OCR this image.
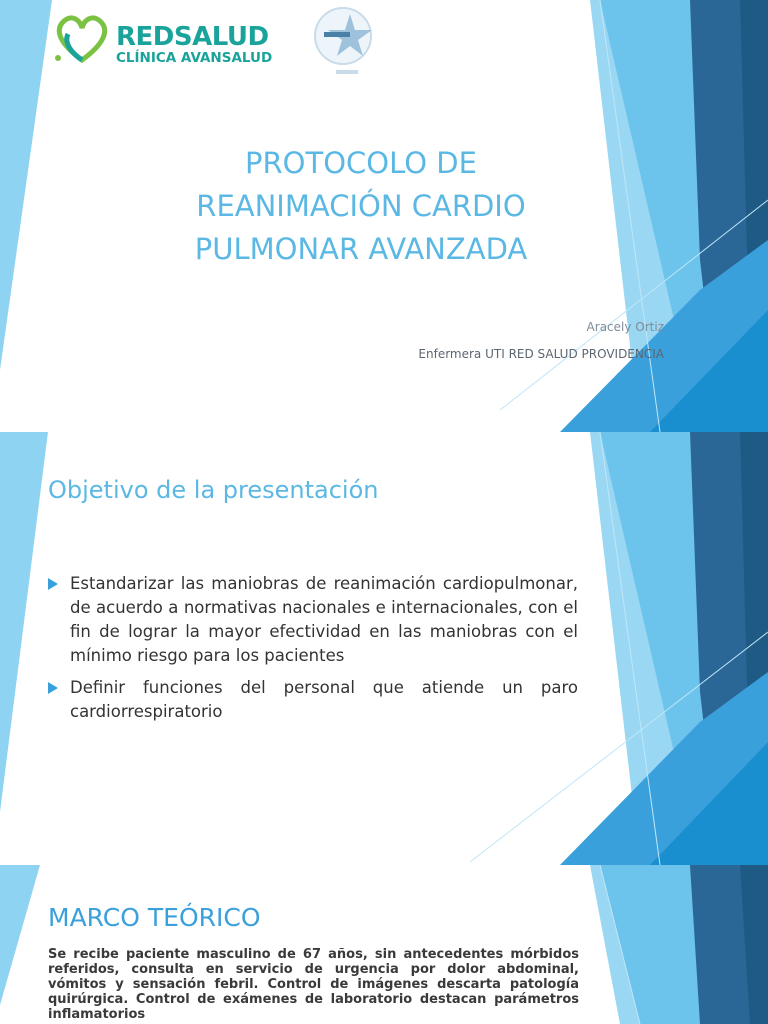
REDSALUD
CLÍNICA AVANSALUD
PROTOCOLO DE
REANIMACIÓN CARDIO
PULMONAR AVANZADA
Aracely Ortiz
Enfermera UTI RED SALUD PROVIDENCIA
Objetivo de la presentación
Estandarizar las maniobras de reanimación cardiopulmonar, de acuerdo a normativas nacionales e internacionales, con el fin de lograr la mayor efectividad en las maniobras con el mínimo riesgo para los pacientes
Definir funciones del personal que atiende un paro cardiorrespiratorio
MARCO TEÓRICO

Se recibe paciente masculino de 67 años, sin antecedentes mórbidos referidos, consulta en servicio de urgencia por dolor abdominal, vómitos y sensación febril. Control de imágenes descarta patología quirúrgica. Control de exámenes de laboratorio destacan parámetros inflamatorios
